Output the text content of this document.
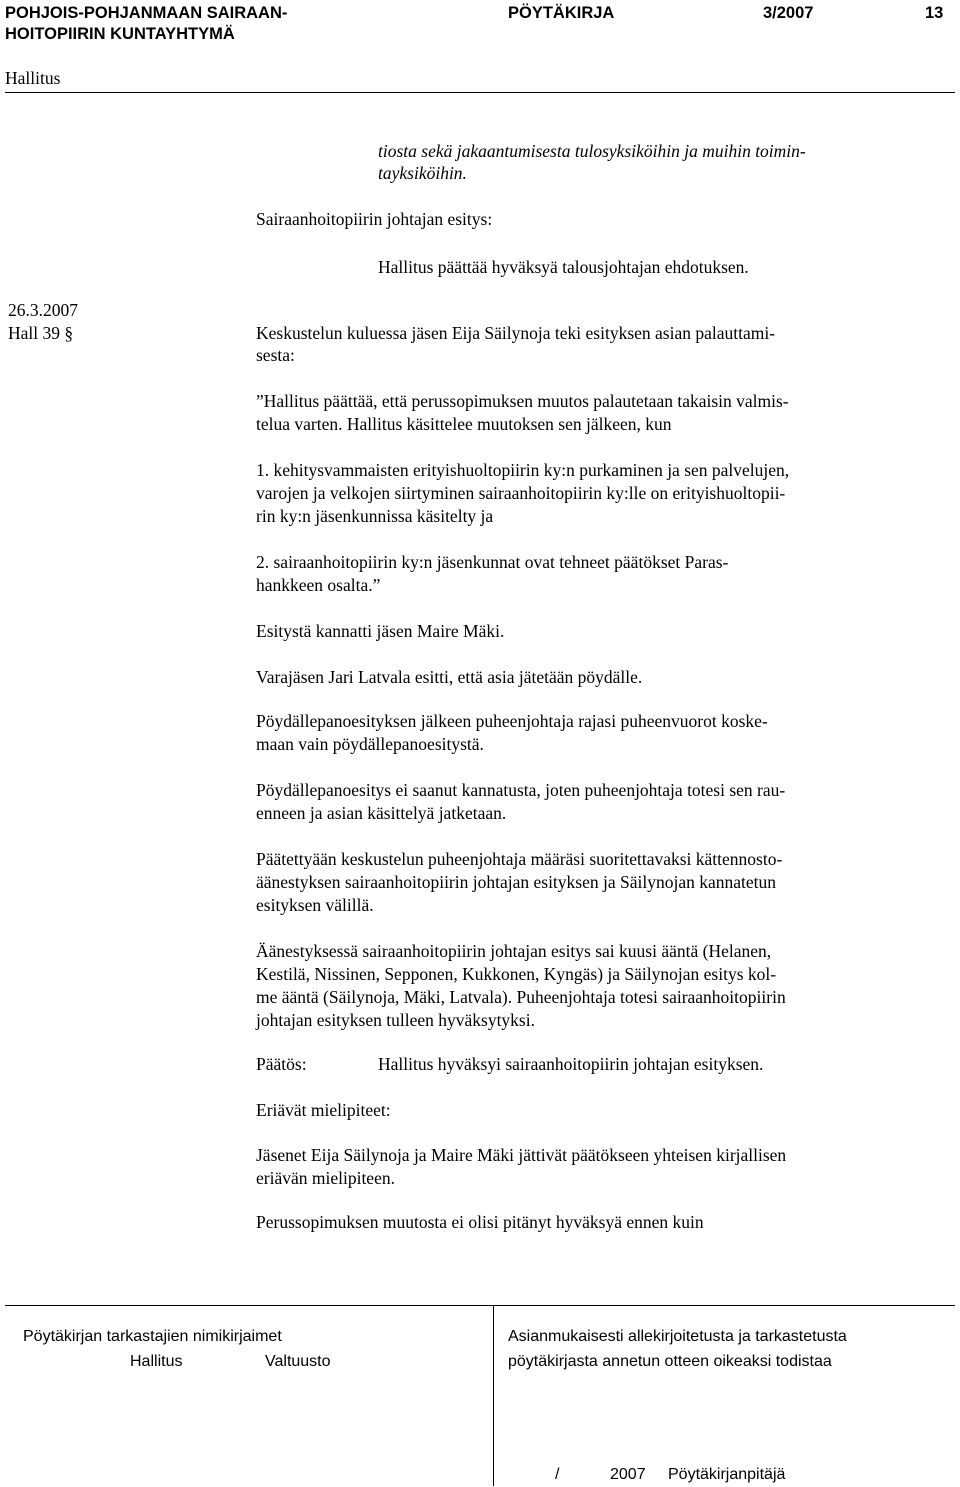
POHJOIS-POHJANMAAN SAIRAAN-
HOITOPIIRIN KUNTAYHTYMÄ
PÖYTÄKIRJA	3/2007	13
Hallitus
tiosta sekä jakaantumisesta tulosyksiköihin ja muihin toimin-
tayksiköihin.
Sairaanhoitopiirin johtajan esitys:
Hallitus päättää hyväksyä talousjohtajan ehdotuksen.
26.3.2007
Hall 39 §	Keskustelun kuluessa jäsen Eija Säilynoja teki esityksen asian palauttami-
sesta:
”Hallitus päättää, että perussopimuksen muutos palautetaan takaisin valmis-
telua varten. Hallitus käsittelee muutoksen sen jälkeen, kun
1. kehitysvammaisten erityishuoltopiirin ky:n purkaminen ja sen palvelujen,
varojen ja velkojen siirtyminen sairaanhoitopiirin ky:lle on erityishuoltopii-
rin ky:n jäsenkunnissa käsitelty ja
2. sairaanhoitopiirin ky:n jäsenkunnat ovat tehneet päätökset Paras-
hankkeen osalta.”
Esitystä kannatti jäsen Maire Mäki.
Varajäsen Jari Latvala esitti, että asia jätetään pöydälle.
Pöydällepanoesityksen jälkeen puheenjohtaja rajasi puheenvuorot koske-
maan vain pöydällepanoesitystä.
Pöydällepanoesitys ei saanut kannatusta, joten puheenjohtaja totesi sen rau-
enneen ja asian käsittelyä jatketaan.
Päätettyään keskustelun puheenjohtaja määräsi suoritettavaksi kättennosto-
äänestyksen sairaanhoitopiirin johtajan esityksen ja Säilynojan kannatetun
esityksen välillä.
Äänestyksessä sairaanhoitopiirin johtajan esitys sai kuusi ääntä (Helanen,
Kestilä, Nissinen, Sepponen, Kukkonen, Kyngäs) ja Säilynojan esitys kol-
me ääntä (Säilynoja, Mäki, Latvala). Puheenjohtaja totesi sairaanhoitopiirin
johtajan esityksen tulleen hyväksytyksi.
Päätös:	Hallitus hyväksyi sairaanhoitopiirin johtajan esityksen.
Eriävät mielipiteet:
Jäsenet Eija Säilynoja ja Maire Mäki jättivät päätökseen yhteisen kirjallisen
eriävän mielipiteen.
Perussopimuksen muutosta ei olisi pitänyt hyväksyä ennen kuin
Pöytäkirjan tarkastajien nimikirjaimet
Hallitus	Valtuusto
Asianmukaisesti allekirjoitetusta ja tarkastetusta
pöytäkirjasta annetun otteen oikeaksi todistaa
/	2007 Pöytäkirjanpitäjä
